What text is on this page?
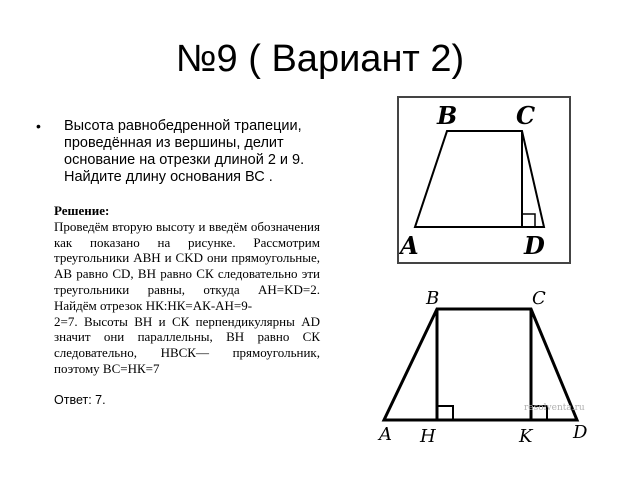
№9 ( Вариант 2)
• Высота равнобедренной трапеции, проведённая из вершины, делит основание на отрезки длиной 2 и 9. Найдите длину основания ВС .
Решение:
Проведём вторую высоту и введём обозначения как показано на рисунке. Рассмотрим треугольники АВН и CKD они прямоугольные, АВ равно CD, ВН равно СК следовательно эти треугольники равны, откуда АН=KD=2. Найдём отрезок НК:НК=АК-АН=9-
2=7. Высоты ВН и СК перпендикулярны AD значит они параллельны, ВН равно СК следовательно, НВСК— прямоугольник, поэтому ВС=НК=7
Ответ: 7.
B C
A	D
resolventa.ru
B	C
A H	K D
